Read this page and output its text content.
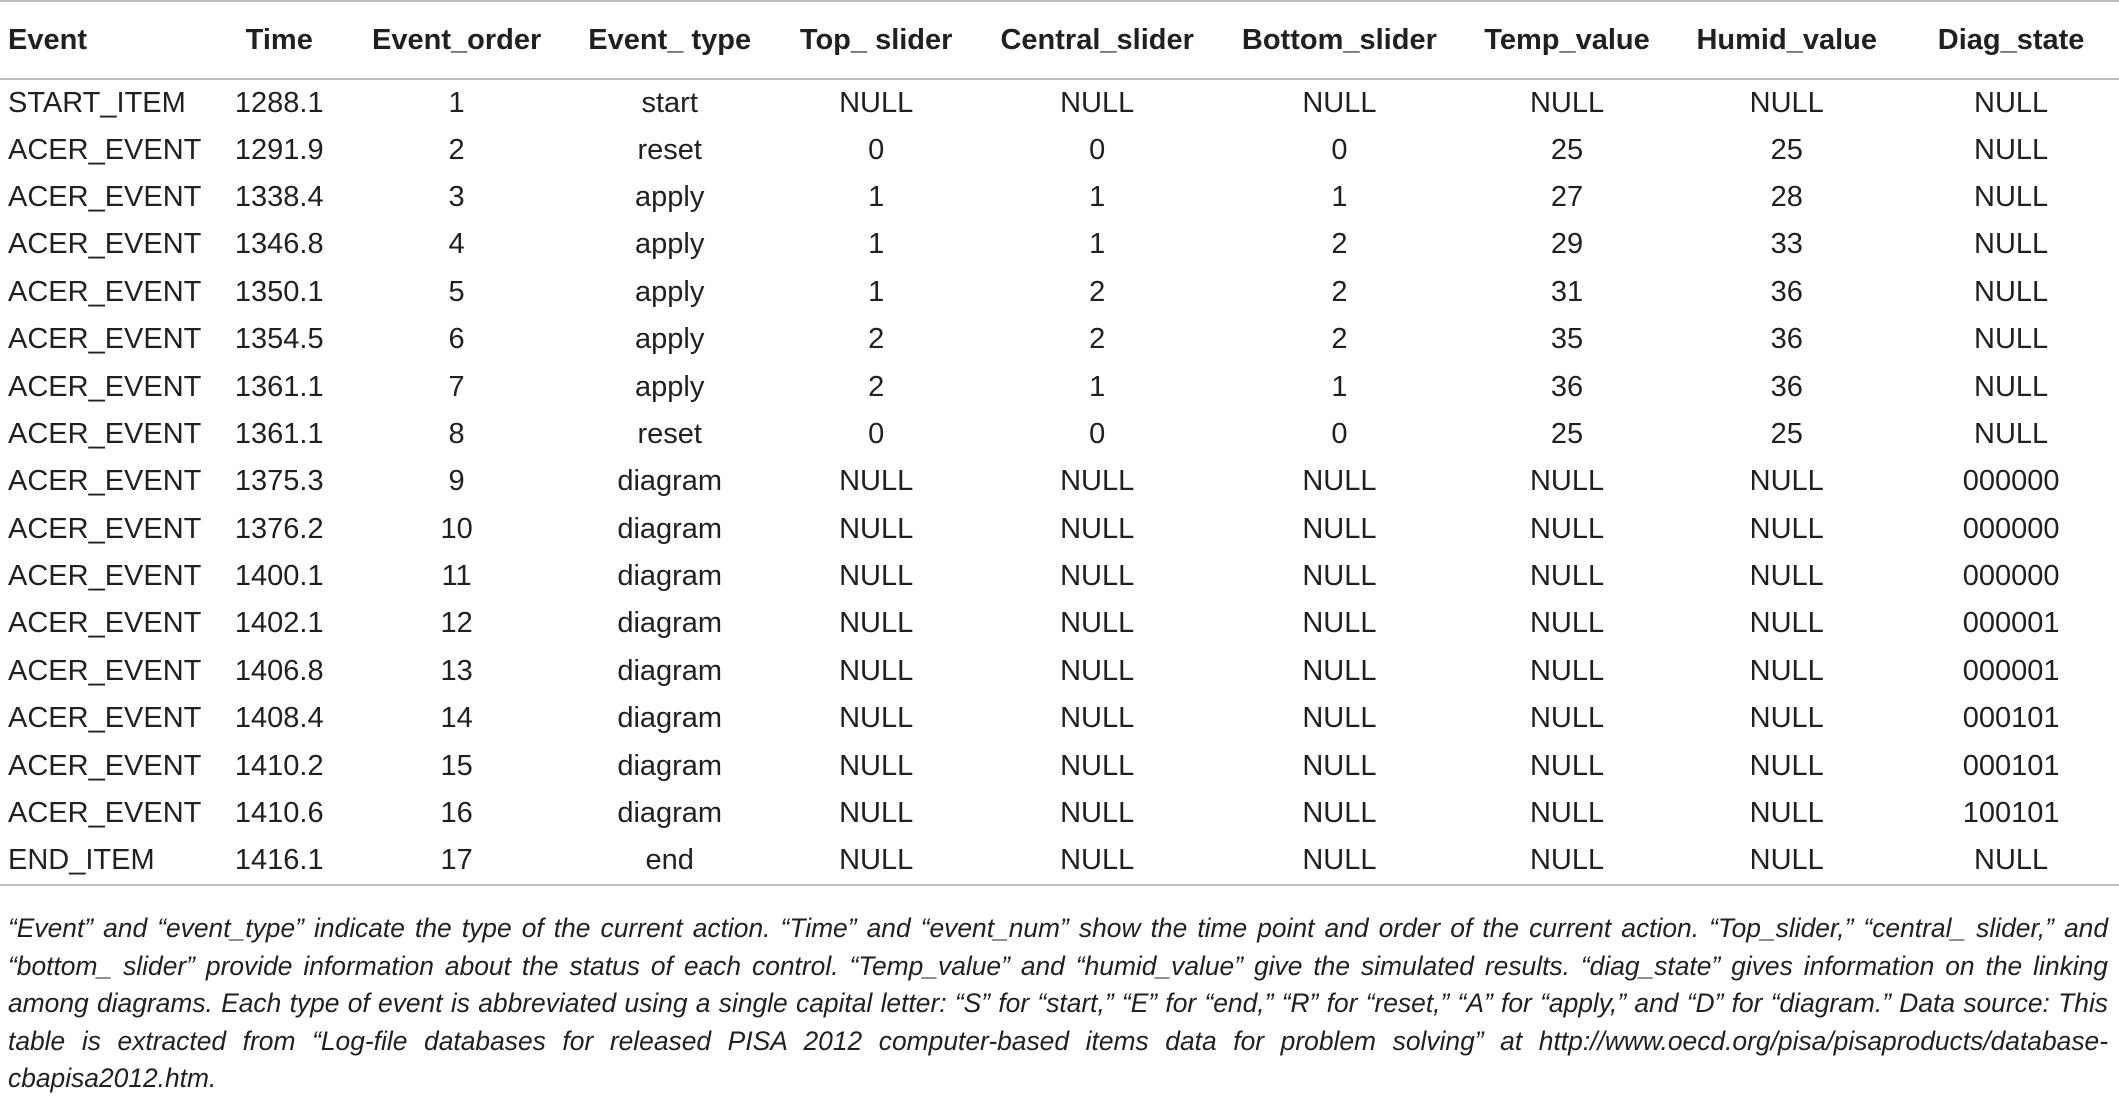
Event	Time	Event_order	Event_ type	Top_ slider	Central_slider	Bottom_slider	Temp_value	Humid_value	Diag_state
START_ITEM	1288.1	1	start	NULL	NULL	NULL	NULL	NULL	NULL
ACER_EVENT	1291.9	2	reset	0	0	0	25	25	NULL
ACER_EVENT	1338.4	3	apply	1	1	1	27	28	NULL
ACER_EVENT	1346.8	4	apply	1	1	2	29	33	NULL
ACER_EVENT	1350.1	5	apply	1	2	2	31	36	NULL
ACER_EVENT	1354.5	6	apply	2	2	2	35	36	NULL
ACER_EVENT	1361.1	7	apply	2	1	1	36	36	NULL
ACER_EVENT	1361.1	8	reset	0	0	0	25	25	NULL
ACER_EVENT	1375.3	9	diagram	NULL	NULL	NULL	NULL	NULL	000000
ACER_EVENT	1376.2	10	diagram	NULL	NULL	NULL	NULL	NULL	000000
ACER_EVENT	1400.1	11	diagram	NULL	NULL	NULL	NULL	NULL	000000
ACER_EVENT	1402.1	12	diagram	NULL	NULL	NULL	NULL	NULL	000001
ACER_EVENT	1406.8	13	diagram	NULL	NULL	NULL	NULL	NULL	000001
ACER_EVENT	1408.4	14	diagram	NULL	NULL	NULL	NULL	NULL	000101
ACER_EVENT	1410.2	15	diagram	NULL	NULL	NULL	NULL	NULL	000101
ACER_EVENT	1410.6	16	diagram	NULL	NULL	NULL	NULL	NULL	100101
END_ITEM	1416.1	17	end	NULL	NULL	NULL	NULL	NULL	NULL

“Event” and “event_type” indicate the type of the current action. “Time” and “event_num” show the time point and order of the current action. “Top_slider,” “central_ slider,” and “bottom_ slider” provide information about the status of each control. “Temp_value” and “humid_value” give the simulated results. “diag_state” gives information on the linking among diagrams. Each type of event is abbreviated using a single capital letter: “S” for “start,” “E” for “end,” “R” for “reset,” “A” for “apply,” and “D” for “diagram.” Data source: This table is extracted from “Log-file databases for released PISA 2012 computer-based items data for problem solving” at http://www.oecd.org/pisa/pisaproducts/database-cbapisa2012.htm.
